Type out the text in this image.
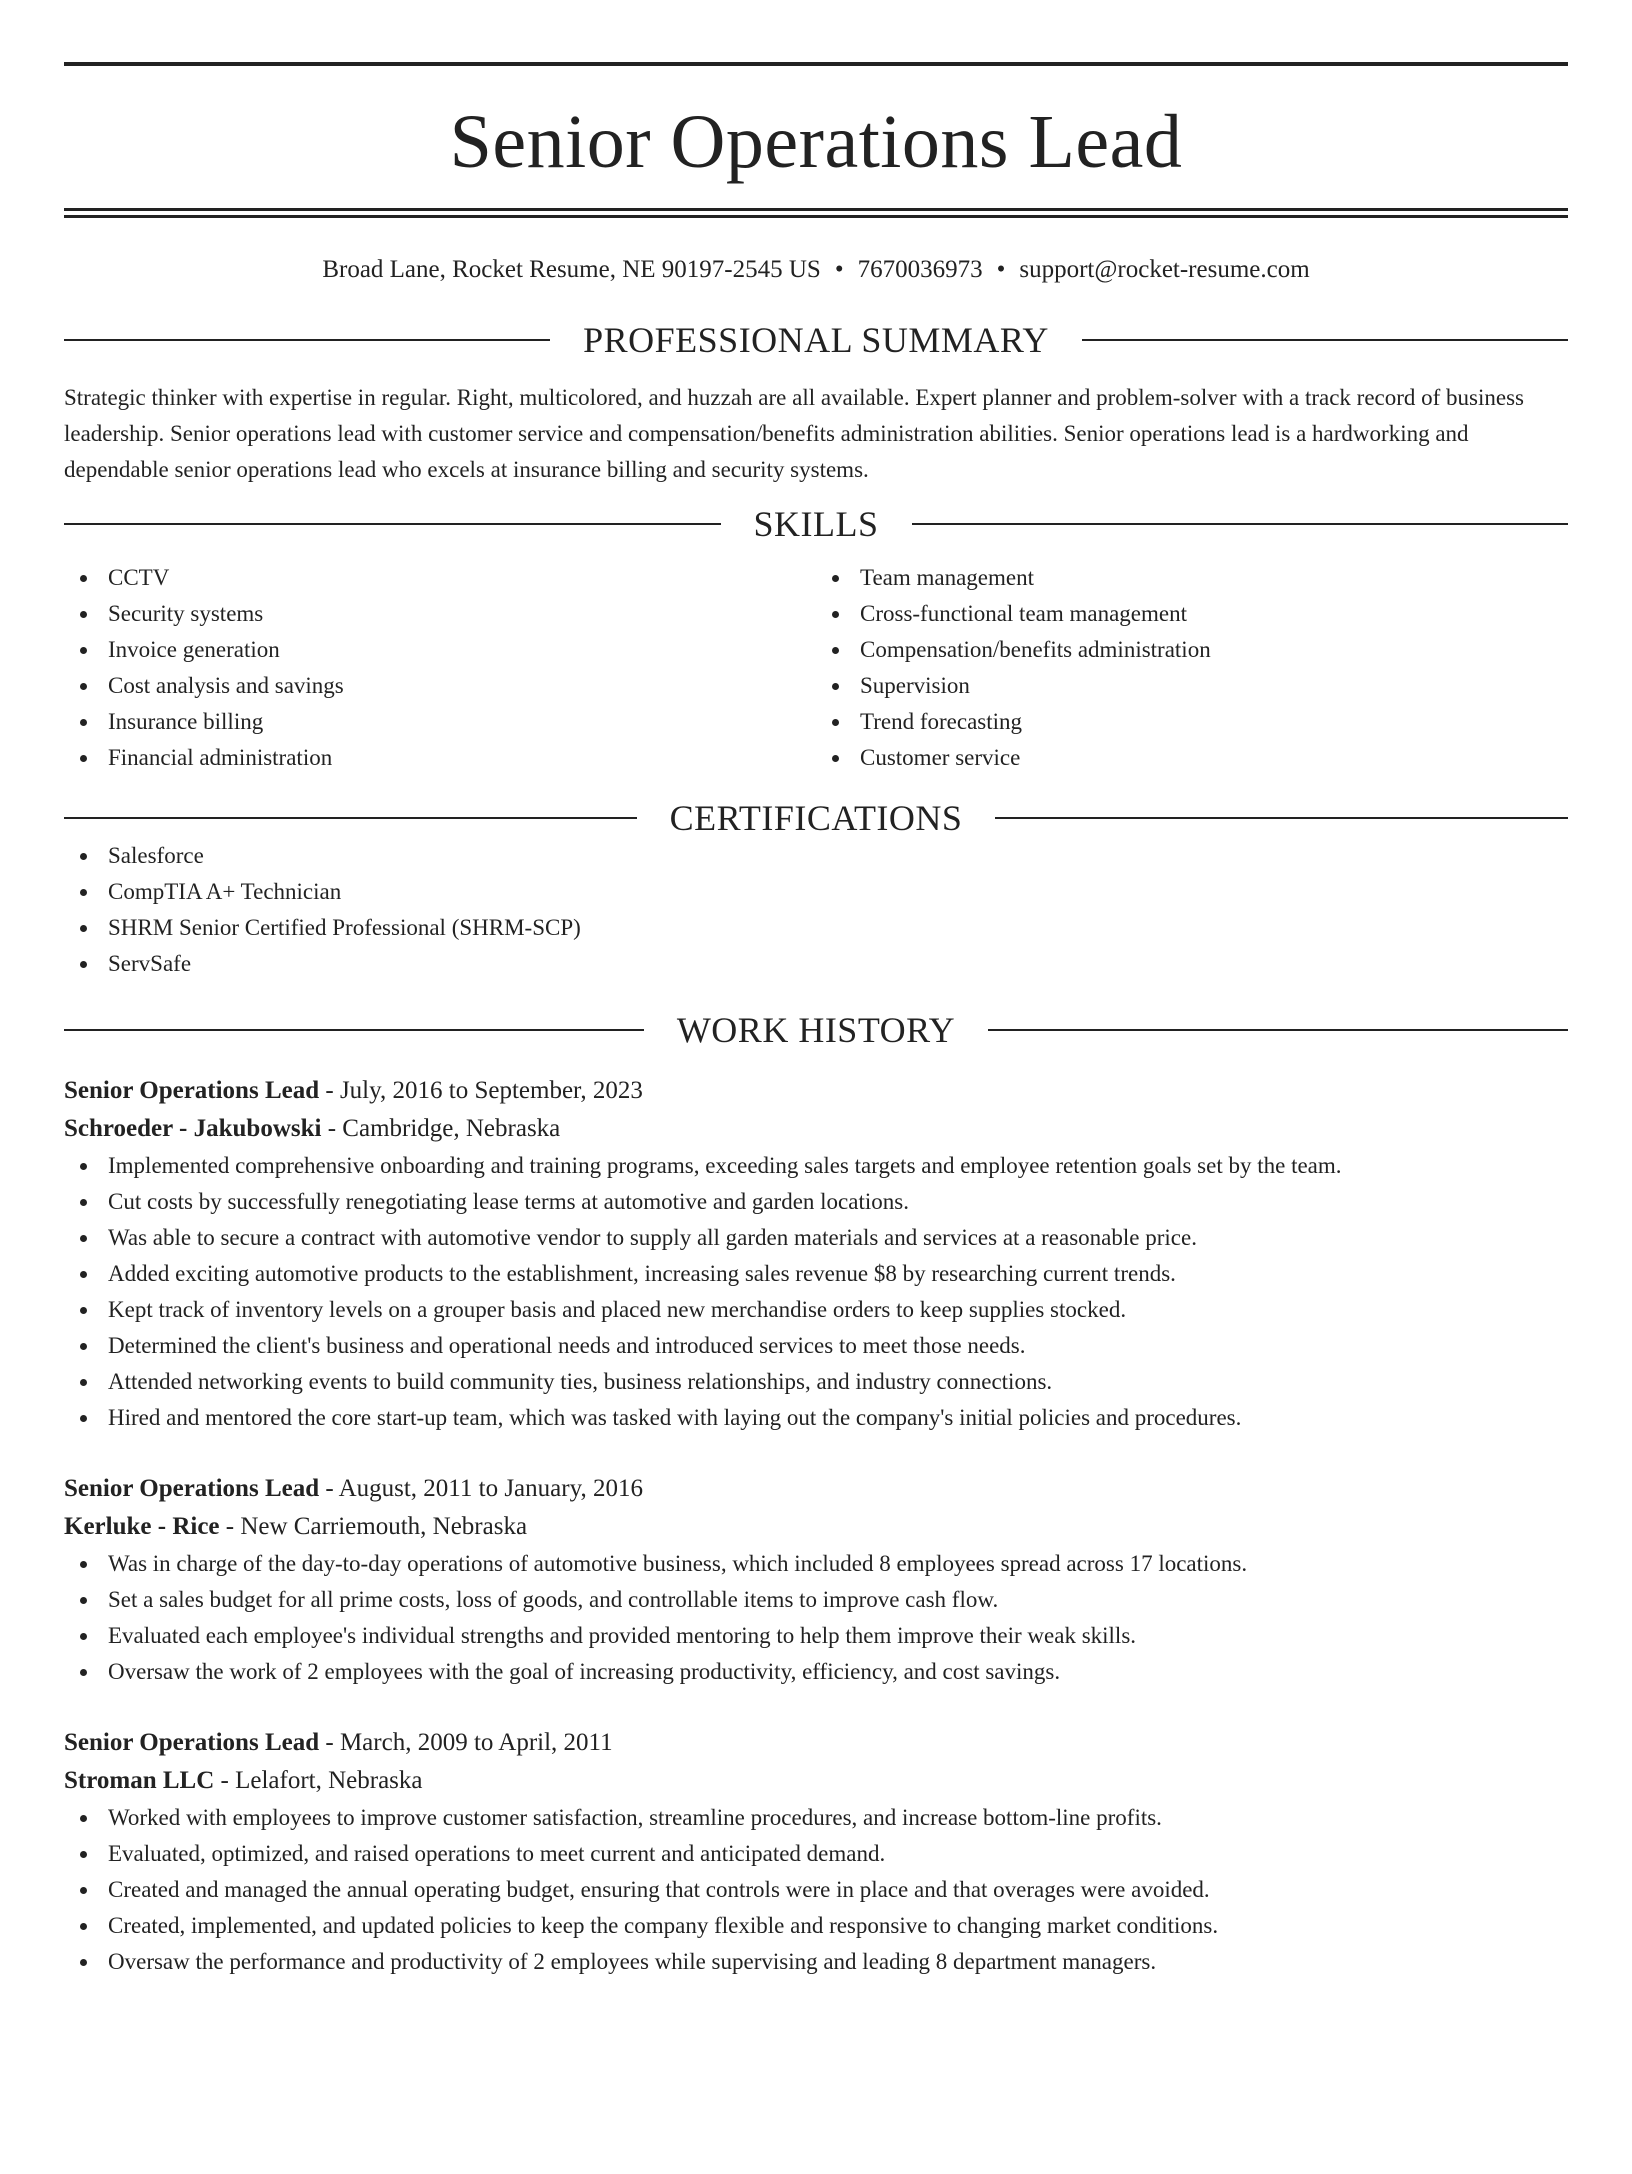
Senior Operations Lead
Broad Lane, Rocket Resume, NE 90197-2545 US • 7670036973 • support@rocket-resume.com
PROFESSIONAL SUMMARY
Strategic thinker with expertise in regular. Right, multicolored, and huzzah are all available. Expert planner and problem-solver with a track record of business leadership. Senior operations lead with customer service and compensation/benefits administration abilities. Senior operations lead is a hardworking and dependable senior operations lead who excels at insurance billing and security systems.
SKILLS
CCTV
Security systems
Invoice generation
Cost analysis and savings
Insurance billing
Financial administration
Team management
Cross-functional team management
Compensation/benefits administration
Supervision
Trend forecasting
Customer service
CERTIFICATIONS
Salesforce
CompTIA A+ Technician
SHRM Senior Certified Professional (SHRM-SCP)
ServSafe
WORK HISTORY
Senior Operations Lead - July, 2016 to September, 2023
Schroeder - Jakubowski - Cambridge, Nebraska
Implemented comprehensive onboarding and training programs, exceeding sales targets and employee retention goals set by the team.
Cut costs by successfully renegotiating lease terms at automotive and garden locations.
Was able to secure a contract with automotive vendor to supply all garden materials and services at a reasonable price.
Added exciting automotive products to the establishment, increasing sales revenue $8 by researching current trends.
Kept track of inventory levels on a grouper basis and placed new merchandise orders to keep supplies stocked.
Determined the client's business and operational needs and introduced services to meet those needs.
Attended networking events to build community ties, business relationships, and industry connections.
Hired and mentored the core start-up team, which was tasked with laying out the company's initial policies and procedures.
Senior Operations Lead - August, 2011 to January, 2016
Kerluke - Rice - New Carriemouth, Nebraska
Was in charge of the day-to-day operations of automotive business, which included 8 employees spread across 17 locations.
Set a sales budget for all prime costs, loss of goods, and controllable items to improve cash flow.
Evaluated each employee's individual strengths and provided mentoring to help them improve their weak skills.
Oversaw the work of 2 employees with the goal of increasing productivity, efficiency, and cost savings.
Senior Operations Lead - March, 2009 to April, 2011
Stroman LLC - Lelafort, Nebraska
Worked with employees to improve customer satisfaction, streamline procedures, and increase bottom-line profits.
Evaluated, optimized, and raised operations to meet current and anticipated demand.
Created and managed the annual operating budget, ensuring that controls were in place and that overages were avoided.
Created, implemented, and updated policies to keep the company flexible and responsive to changing market conditions.
Oversaw the performance and productivity of 2 employees while supervising and leading 8 department managers.
